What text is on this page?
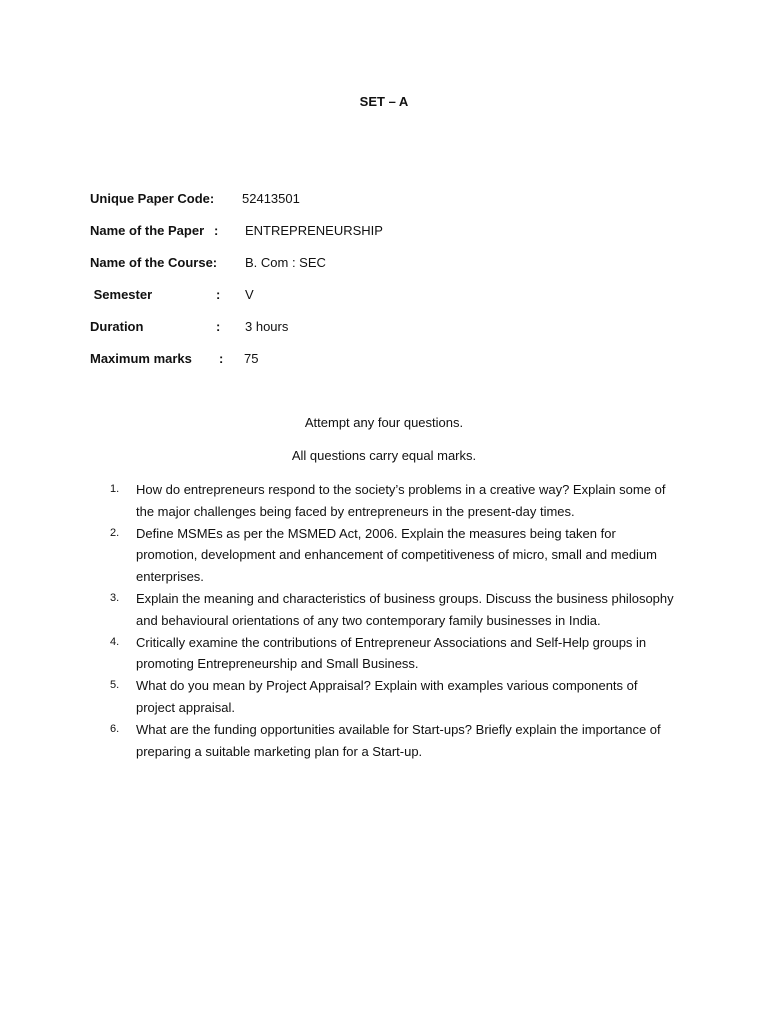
SET – A
Unique Paper Code: 52413501
Name of the Paper : ENTREPRENEURSHIP
Name of the Course: B. Com : SEC
Semester	: V
Duration	: 3 hours
Maximum marks : 75
Attempt any four questions.
All questions carry equal marks.
1. How do entrepreneurs respond to the society’s problems in a creative way? Explain some of the major challenges being faced by entrepreneurs in the present-day times.
2. Define MSMEs as per the MSMED Act, 2006. Explain the measures being taken for promotion, development and enhancement of competitiveness of micro, small and medium enterprises.
3. Explain the meaning and characteristics of business groups. Discuss the business philosophy and behavioural orientations of any two contemporary family businesses in India.
4. Critically examine the contributions of Entrepreneur Associations and Self-Help groups in promoting Entrepreneurship and Small Business.
5. What do you mean by Project Appraisal? Explain with examples various components of project appraisal.
6. What are the funding opportunities available for Start-ups? Briefly explain the importance of preparing a suitable marketing plan for a Start-up.
